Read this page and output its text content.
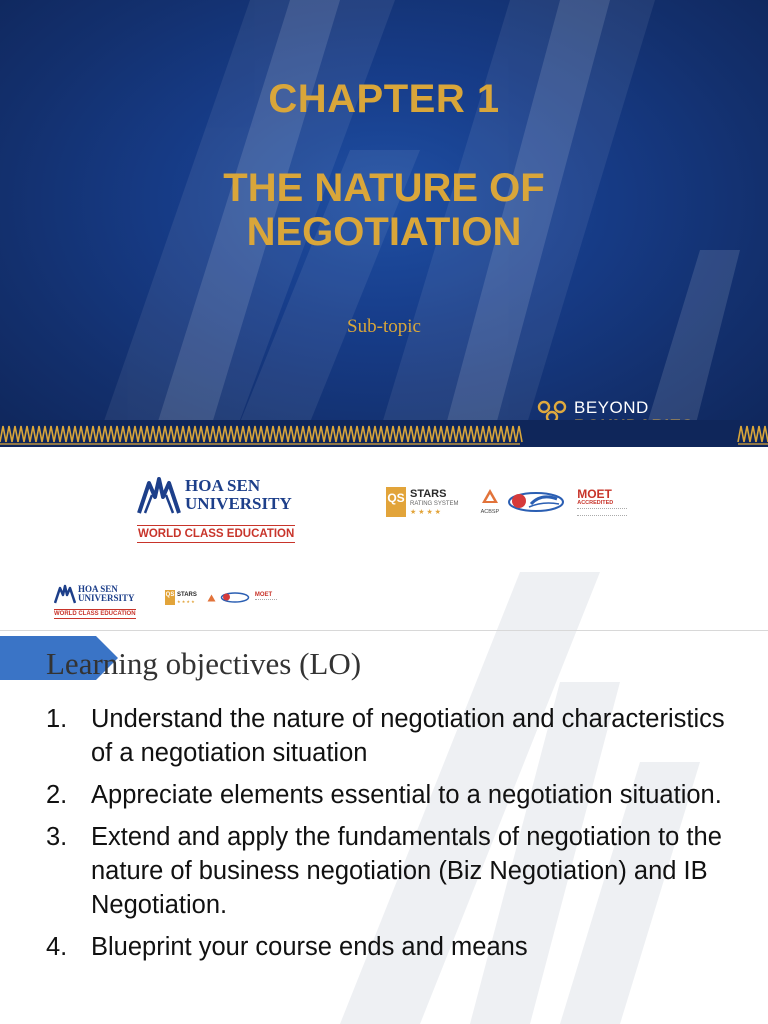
CHAPTER 1
THE NATURE OF NEGOTIATION
Sub-topic
BEYOND
HOA SEN
UNIVERSITY
WORLD CLASS EDUCATION
QS STARS
RATING SYSTEM
★ ★ ★ ★	ACBSP
MOET
ACCREDITED
HOA SEN
UNIVERSITY
WORLD CLASS EDUCATION
QS STARS
★ ★ ★ ★
MOET
Learning objectives (LO)
1. Understand the nature of negotiation and characteristics of a negotiation situation
2. Appreciate elements essential to a negotiation situation.
3. Extend and apply the fundamentals of negotiation to the nature of business negotiation (Biz Negotiation) and IB Negotiation.
4. Blueprint your course ends and means
